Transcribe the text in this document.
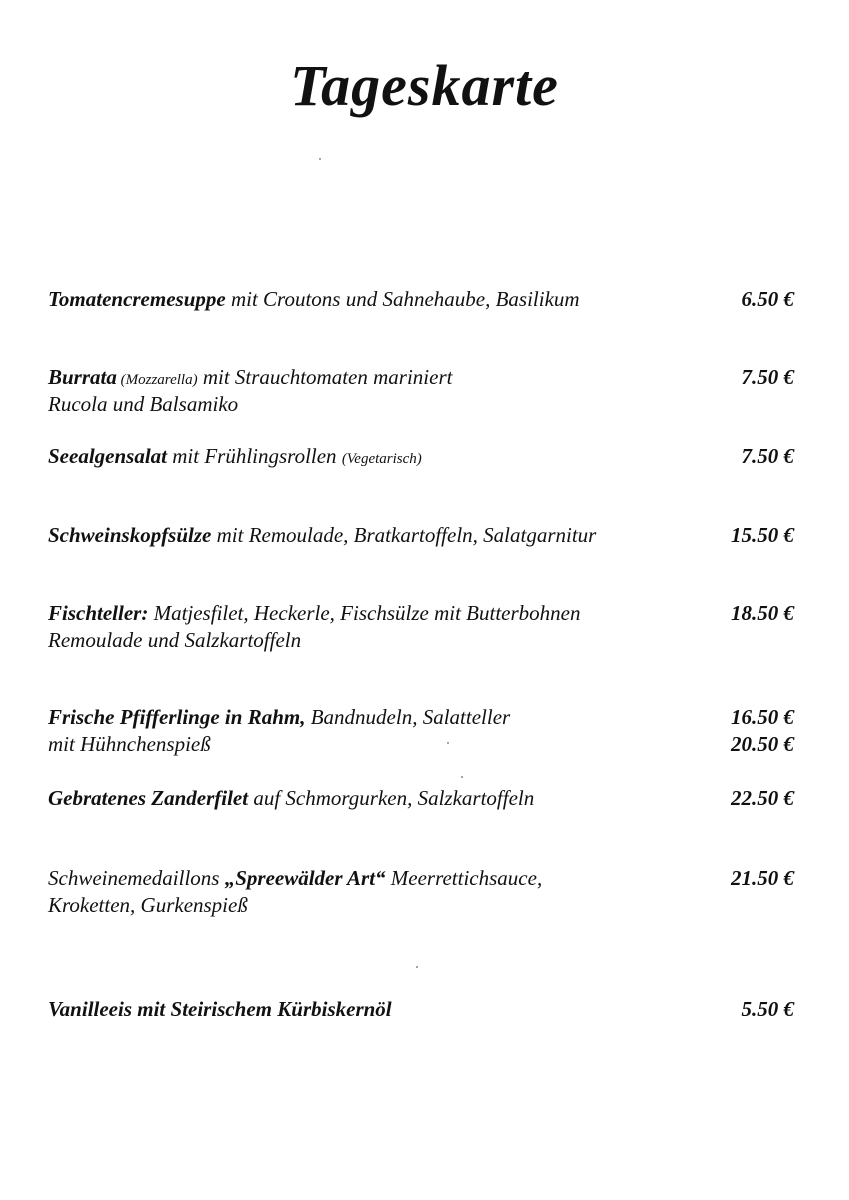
Tageskarte
Tomatencremesuppe mit Croutons und Sahnehaube, Basilikum	6.50 €
Burrata (Mozzarella) mit Strauchtomaten mariniert	7.50 €
Rucola und Balsamiko
Seealgensalat mit Frühlingsrollen (Vegetarisch)	7.50 €
Schweinskopfsülze mit Remoulade, Bratkartoffeln, Salatgarnitur	15.50 €
Fischteller: Matjesfilet, Heckerle, Fischsülze mit Butterbohnen	18.50 €
Remoulade und Salzkartoffeln
Frische Pfifferlinge in Rahm, Bandnudeln, Salatteller	16.50 €
mit Hühnchenspieß	20.50 €
Gebratenes Zanderfilet auf Schmorgurken, Salzkartoffeln	22.50 €
Schweinemedaillons „Spreewälder Art“ Meerrettichsauce,	21.50 €
Kroketten, Gurkenspieß
Vanilleeis mit Steirischem Kürbiskernöl	5.50 €
